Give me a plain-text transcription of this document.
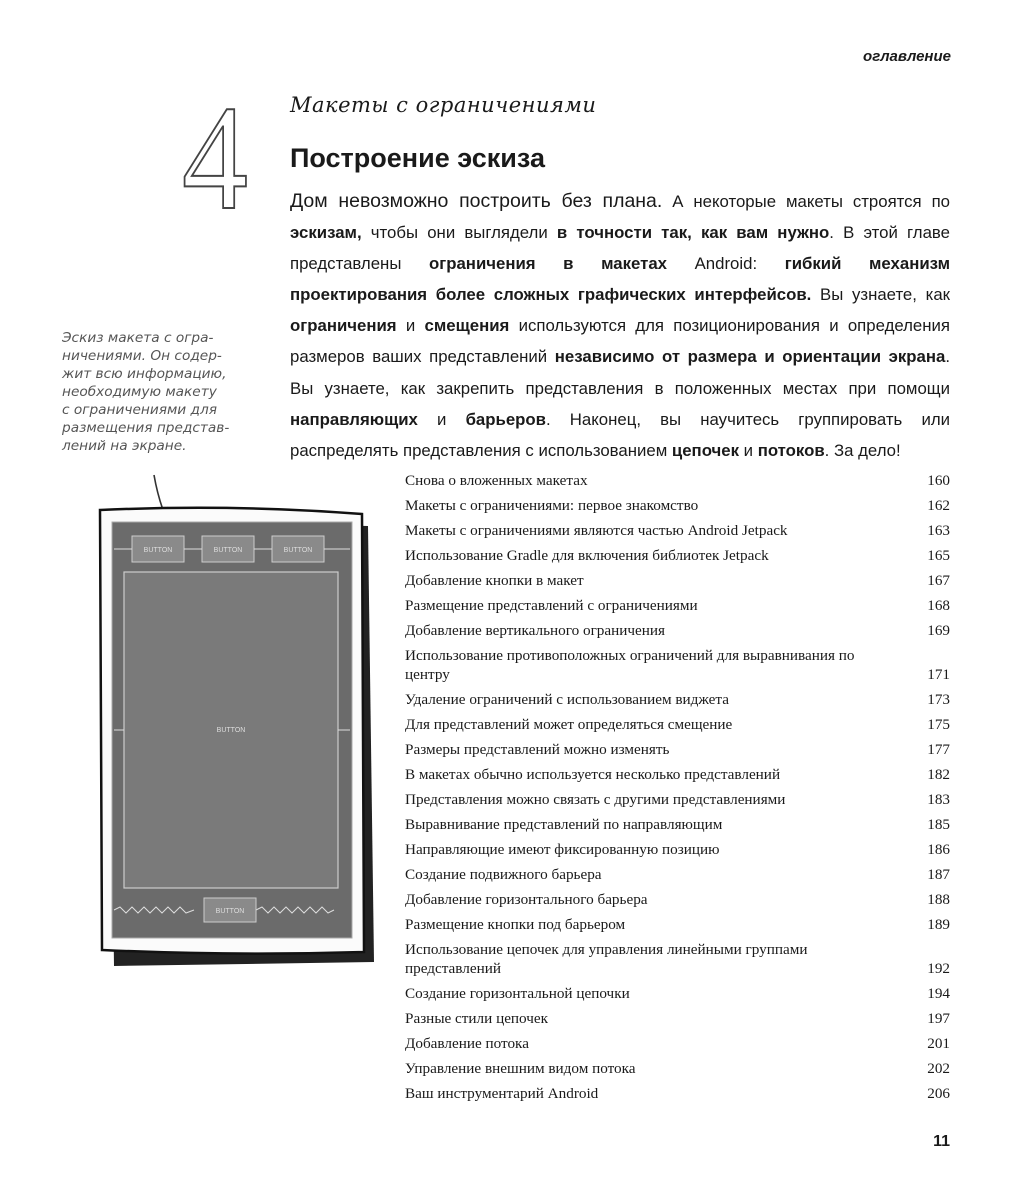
оглавление
4 Макеты с ограничениями
Построение эскиза
Дом невозможно построить без плана. А некоторые макеты строятся по эскизам, чтобы они выглядели в точности так, как вам нужно. В этой главе представлены ограничения в макетах Android: гибкий механизм проектирования более сложных графических интерфейсов. Вы узнаете, как ограничения и смещения используются для позиционирования и определения размеров ваших представлений независимо от размера и ориентации экрана. Вы узнаете, как закрепить представления в положенных местах при помощи направляющих и барьеров. Наконец, вы научитесь группировать или распределять представления с использованием цепочек и потоков. За дело!
Эскиз макета с огра-
ничениями. Он содер-
жит всю информацию,
необходимую макету
с ограничениями для
размещения представ-
лений на экране.
BUTTON	BUTTON	BUTTON
BUTTON
BUTTON
Снова о вложенных макетах	160
Макеты с ограничениями: первое знакомство	162
Макеты с ограничениями являются частью Android Jetpack	163
Использование Gradle для включения библиотек Jetpack	165
Добавление кнопки в макет	167
Размещение представлений с ограничениями	168
Добавление вертикального ограничения	169
Использование противоположных ограничений для выравнивания по центру	171
Удаление ограничений с использованием виджета	173
Для представлений может определяться смещение	175
Размеры представлений можно изменять	177
В макетах обычно используется несколько представлений	182
Представления можно связать с другими представлениями	183
Выравнивание представлений по направляющим	185
Направляющие имеют фиксированную позицию	186
Создание подвижного барьера	187
Добавление горизонтального барьера	188
Размещение кнопки под барьером	189
Использование цепочек для управления линейными группами представлений	192
Создание горизонтальной цепочки	194
Разные стили цепочек	197
Добавление потока	201
Управление внешним видом потока	202
Ваш инструментарий Android	206
11
